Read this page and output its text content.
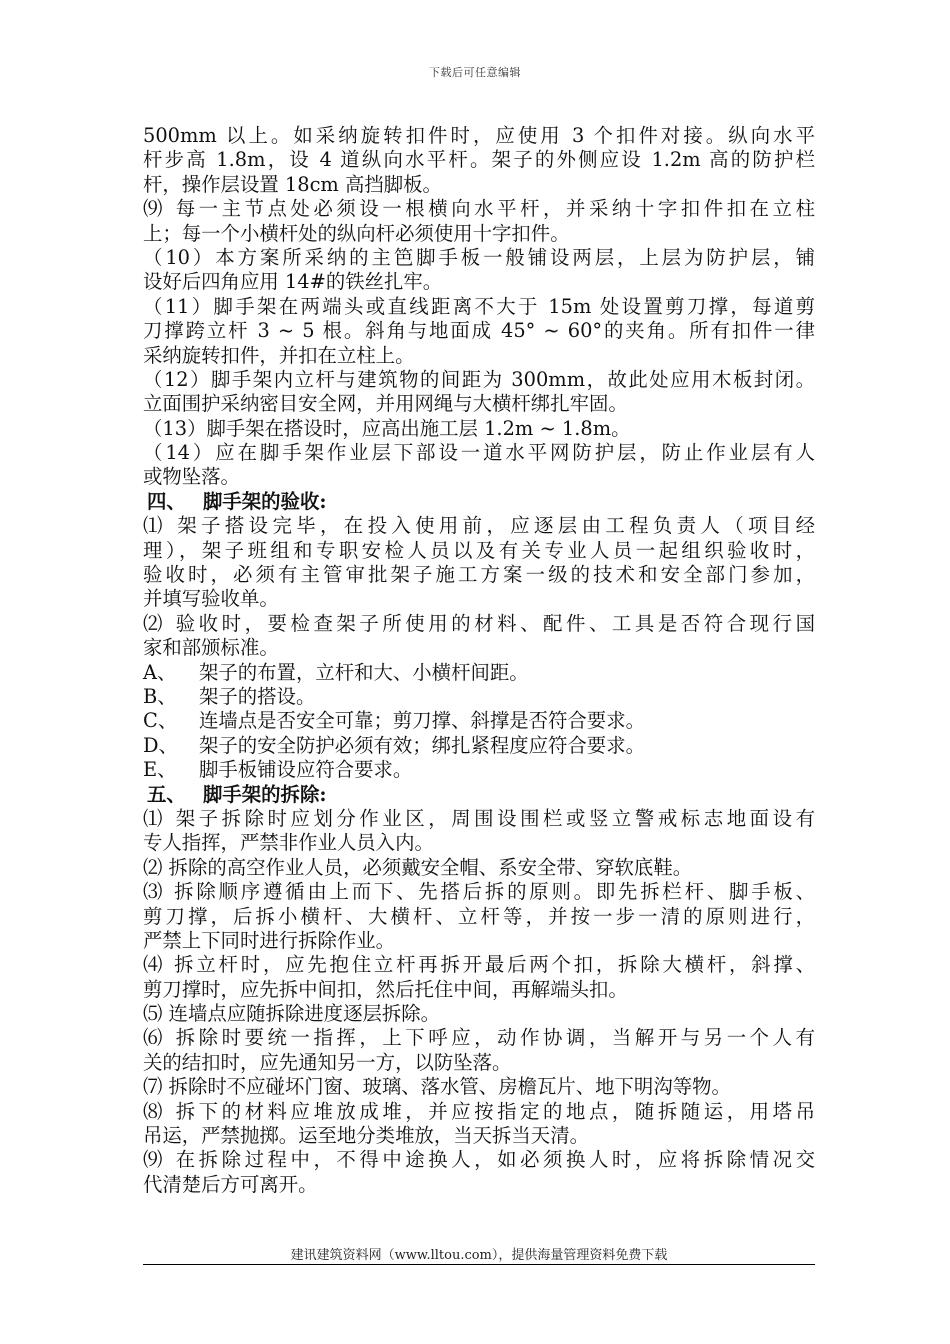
下载后可任意编辑
500mm 以上。如采纳旋转扣件时，应使用 3 个扣件对接。纵向水平
杆步高 1.8m，设 4 道纵向水平杆。架子的外侧应设 1.2m 高的防护栏
杆，操作层设置 18cm 高挡脚板。
⑼ 每一主节点处必须设一根横向水平杆，并采纳十字扣件扣在立柱
上；每一个小横杆处的纵向杆必须使用十字扣件。
（10）本方案所采纳的主笆脚手板一般铺设两层，上层为防护层，铺
设好后四角应用 14#的铁丝扎牢。
（11）脚手架在两端头或直线距离不大于 15m 处设置剪刀撑，每道剪
刀撑跨立杆 3 ~ 5 根。斜角与地面成 45° ~ 60°的夹角。所有扣件一律
采纳旋转扣件，并扣在立柱上。
（12）脚手架内立杆与建筑物的间距为 300mm，故此处应用木板封闭。
立面围护采纳密目安全网，并用网绳与大横杆绑扎牢固。
（13）脚手架在搭设时，应高出施工层 1.2m ~ 1.8m。
（14）应在脚手架作业层下部设一道水平网防护层，防止作业层有人
或物坠落。
四、 脚手架的验收:
⑴ 架子搭设完毕，在投入使用前，应逐层由工程负责人（项目经
理），架子班组和专职安检人员以及有关专业人员一起组织验收时，
验收时，必须有主管审批架子施工方案一级的技术和安全部门参加，
并填写验收单。
⑵ 验收时，要检查架子所使用的材料、配件、工具是否符合现行国
家和部颁标准。
A、 架子的布置，立杆和大、小横杆间距。
B、 架子的搭设。
C、 连墙点是否安全可靠；剪刀撑、斜撑是否符合要求。
D、 架子的安全防护必须有效；绑扎紧程度应符合要求。
E、 脚手板铺设应符合要求。
五、 脚手架的拆除:
⑴ 架子拆除时应划分作业区，周围设围栏或竖立警戒标志地面设有
专人指挥，严禁非作业人员入内。
⑵ 拆除的高空作业人员，必须戴安全帽、系安全带、穿软底鞋。
⑶ 拆除顺序遵循由上而下、先搭后拆的原则。即先拆栏杆、脚手板、
剪刀撑，后拆小横杆、大横杆、立杆等，并按一步一清的原则进行，
严禁上下同时进行拆除作业。
⑷ 拆立杆时，应先抱住立杆再拆开最后两个扣，拆除大横杆，斜撑、
剪刀撑时，应先拆中间扣，然后托住中间，再解端头扣。
⑸ 连墙点应随拆除进度逐层拆除。
⑹ 拆除时要统一指挥，上下呼应，动作协调，当解开与另一个人有
关的结扣时，应先通知另一方，以防坠落。
⑺ 拆除时不应碰坏门窗、玻璃、落水管、房檐瓦片、地下明沟等物。
⑻ 拆下的材料应堆放成堆，并应按指定的地点，随拆随运，用塔吊
吊运，严禁抛掷。运至地分类堆放，当天拆当天清。
⑼ 在拆除过程中，不得中途换人，如必须换人时，应将拆除情况交
代清楚后方可离开。
建讯建筑资料网（www.lltou.com），提供海量管理资料免费下载
